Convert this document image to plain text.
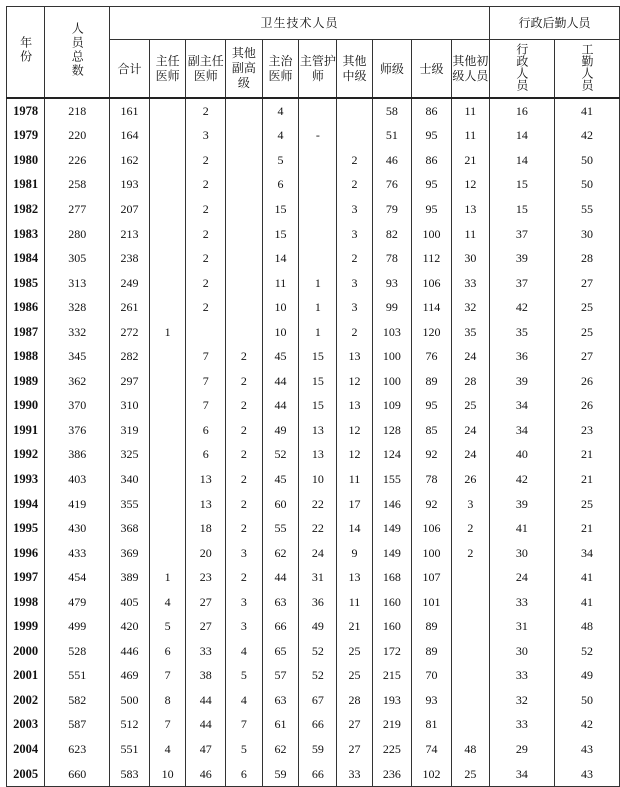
年份	人员总数	卫生技术人员										行政后勤人员	
		合计	主任医师	副主任医师	其他副高级	主治医师	主管护师	其他中级	师级	士级	其他初级人员	行政人员	工勤人员
1978	218	161		2		4			58	86	11	16	41
1979	220	164		3		4	-		51	95	11	14	42
1980	226	162		2		5		2	46	86	21	14	50
1981	258	193		2		6		2	76	95	12	15	50
1982	277	207		2		15		3	79	95	13	15	55
1983	280	213		2		15		3	82	100	11	37	30
1984	305	238		2		14		2	78	112	30	39	28
1985	313	249		2		11	1	3	93	106	33	37	27
1986	328	261		2		10	1	3	99	114	32	42	25
1987	332	272	1			10	1	2	103	120	35	35	25
1988	345	282		7	2	45	15	13	100	76	24	36	27
1989	362	297		7	2	44	15	12	100	89	28	39	26
1990	370	310		7	2	44	15	13	109	95	25	34	26
1991	376	319		6	2	49	13	12	128	85	24	34	23
1992	386	325		6	2	52	13	12	124	92	24	40	21
1993	403	340		13	2	45	10	11	155	78	26	42	21
1994	419	355		13	2	60	22	17	146	92	3	39	25
1995	430	368		18	2	55	22	14	149	106	2	41	21
1996	433	369		20	3	62	24	9	149	100	2	30	34
1997	454	389	1	23	2	44	31	13	168	107		24	41
1998	479	405	4	27	3	63	36	11	160	101		33	41
1999	499	420	5	27	3	66	49	21	160	89		31	48
2000	528	446	6	33	4	65	52	25	172	89		30	52
2001	551	469	7	38	5	57	52	25	215	70		33	49
2002	582	500	8	44	4	63	67	28	193	93		32	50
2003	587	512	7	44	7	61	66	27	219	81		33	42
2004	623	551	4	47	5	62	59	27	225	74	48	29	43
2005	660	583	10	46	6	59	66	33	236	102	25	34	43
